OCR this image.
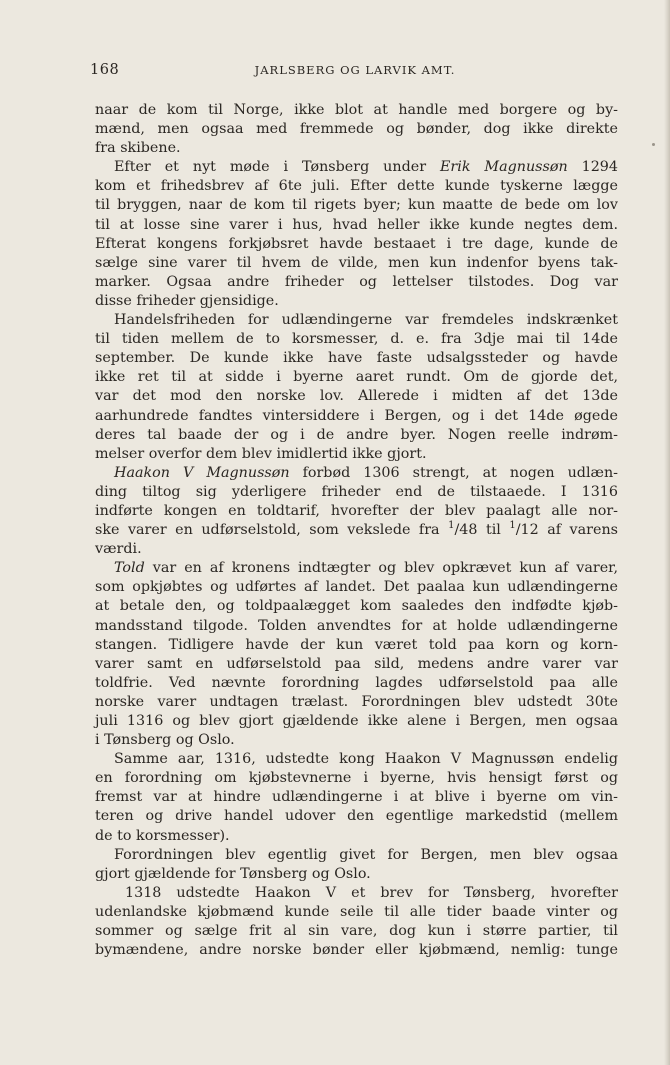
168	JARLSBERG OG LARVIK AMT.
naar de kom til Norge, ikke blot at handle med borgere og by-
mænd, men ogsaa med fremmede og bønder, dog ikke direkte
fra skibene.
Efter et nyt møde i Tønsberg under Erik Magnussøn 1294
kom et frihedsbrev af 6te juli. Efter dette kunde tyskerne lægge
til bryggen, naar de kom til rigets byer; kun maatte de bede om lov
til at losse sine varer i hus, hvad heller ikke kunde negtes dem.
Efterat kongens forkjøbsret havde bestaaet i tre dage, kunde de
sælge sine varer til hvem de vilde, men kun indenfor byens tak-
marker. Ogsaa andre friheder og lettelser tilstodes. Dog var
disse friheder gjensidige.
Handelsfriheden for udlændingerne var fremdeles indskrænket
til tiden mellem de to korsmesser, d. e. fra 3dje mai til 14de
september. De kunde ikke have faste udsalgssteder og havde
ikke ret til at sidde i byerne aaret rundt. Om de gjorde det,
var det mod den norske lov. Allerede i midten af det 13de
aarhundrede fandtes vintersiddere i Bergen, og i det 14de øgede
deres tal baade der og i de andre byer. Nogen reelle indrøm-
melser overfor dem blev imidlertid ikke gjort.
Haakon V Magnussøn forbød 1306 strengt, at nogen udlæn-
ding tiltog sig yderligere friheder end de tilstaaede. I 1316
indførte kongen en toldtarif, hvorefter der blev paalagt alle nor-
ske varer en udførselstold, som vekslede fra $^1$/48 til $^1$/12 af varens
værdi.
Told var en af kronens indtægter og blev opkrævet kun af varer,
som opkjøbtes og udførtes af landet. Det paalaa kun udlændingerne
at betale den, og toldpaalægget kom saaledes den indfødte kjøb-
mandsstand tilgode. Tolden anvendtes for at holde udlændingerne
stangen. Tidligere havde der kun været told paa korn og korn-
varer samt en udførselstold paa sild, medens andre varer var
toldfrie. Ved nævnte forordning lagdes udførselstold paa alle
norske varer undtagen trælast. Forordningen blev udstedt 30te
juli 1316 og blev gjort gjældende ikke alene i Bergen, men ogsaa
i Tønsberg og Oslo.
Samme aar, 1316, udstedte kong Haakon V Magnussøn endelig
en forordning om kjøbstevnerne i byerne, hvis hensigt først og
fremst var at hindre udlændingerne i at blive i byerne om vin-
teren og drive handel udover den egentlige markedstid (mellem
de to korsmesser).
Forordningen blev egentlig givet for Bergen, men blev ogsaa
gjort gjældende for Tønsberg og Oslo.
1318 udstedte Haakon V et brev for Tønsberg, hvorefter
udenlandske kjøbmænd kunde seile til alle tider baade vinter og
sommer og sælge frit al sin vare, dog kun i større partier, til
bymændene, andre norske bønder eller kjøbmænd, nemlig: tunge
